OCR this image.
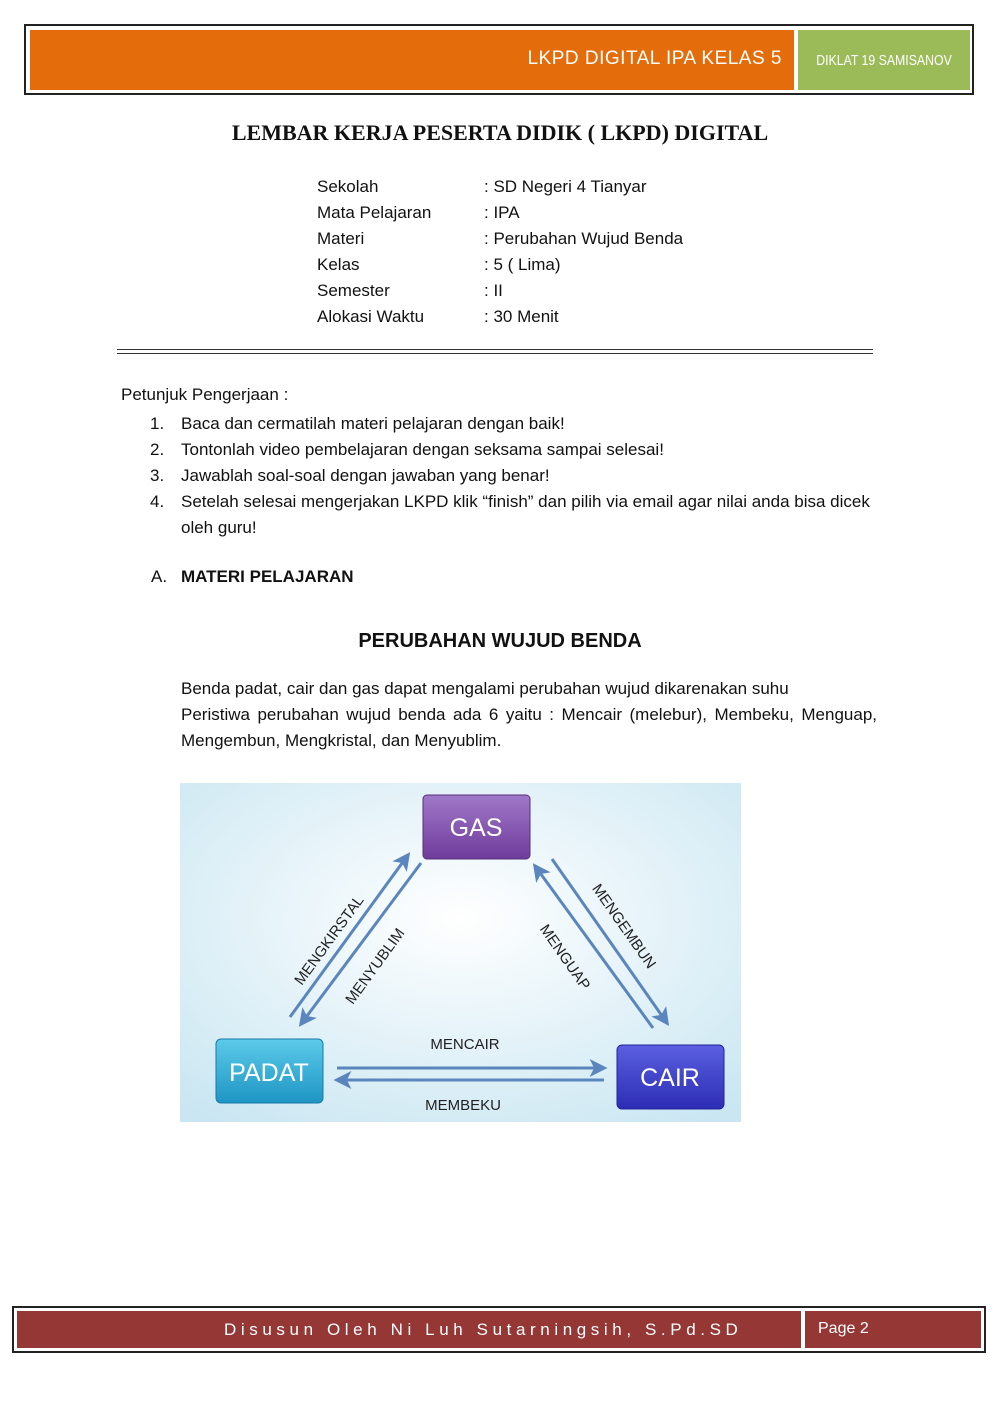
LKPD DIGITAL IPA KELAS 5 DIKLAT 19 SAMISANOV
LEMBAR KERJA PESERTA DIDIK ( LKPD) DIGITAL
Sekolah	: SD Negeri 4 Tianyar
Mata Pelajaran	: IPA
Materi	: Perubahan Wujud Benda
Kelas	: 5 ( Lima)
Semester	: II
Alokasi Waktu	: 30 Menit
Petunjuk Pengerjaan :
1. Baca dan cermatilah materi pelajaran dengan baik!
2. Tontonlah video pembelajaran dengan seksama sampai selesai!
3. Jawablah soal-soal dengan jawaban yang benar!
4. Setelah selesai mengerjakan LKPD klik “finish” dan pilih via email agar nilai anda bisa dicek oleh guru!
A. MATERI PELAJARAN
PERUBAHAN WUJUD BENDA

Benda padat, cair dan gas dapat mengalami perubahan wujud dikarenakan suhu

Peristiwa perubahan wujud benda ada 6 yaitu : Mencair (melebur), Membeku, Menguap, Mengembun, Mengkristal, dan Menyublim.

GAS
PADAT	CAIR
MENGKIRSTAL
MENYUBLIM	MENGEMBUN
MENGUAP
MENCAIR
MEMBEKU
Disusun Oleh Ni Luh Sutarningsih, S.Pd.SD	Page 2
